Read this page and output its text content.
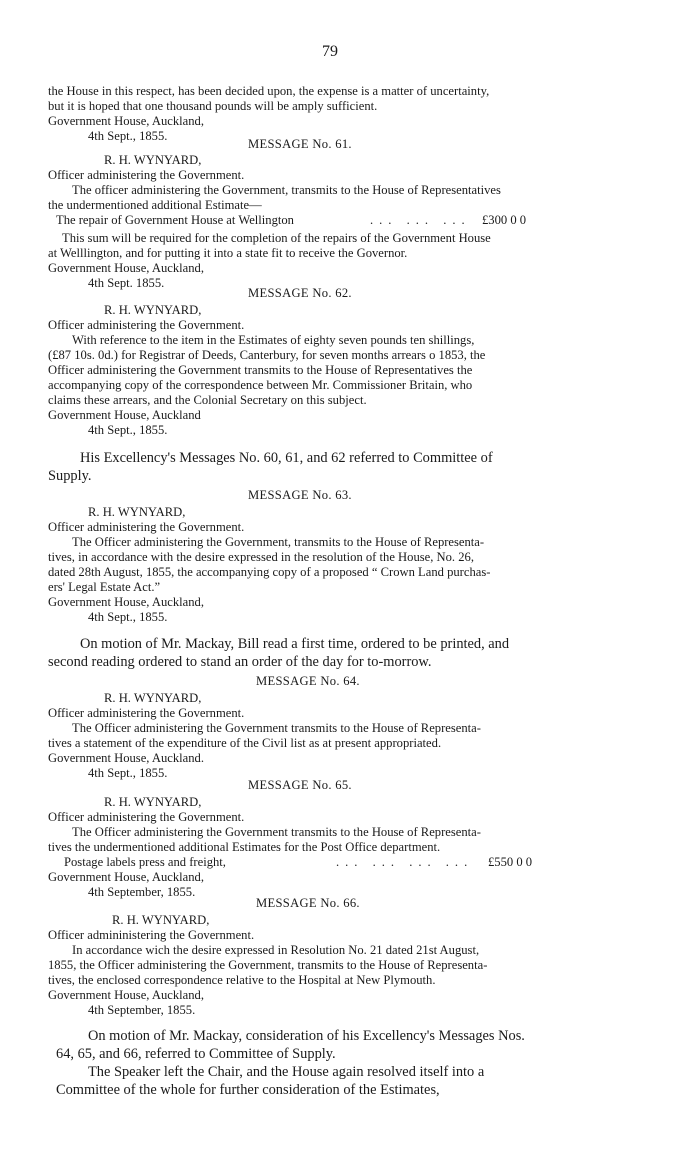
79
the House in this respect, has been decided upon, the expense is a matter of uncertainty,
but it is hoped that one thousand pounds will be amply sufficient.
Government House, Auckland,
4th Sept., 1855.
MESSAGE No. 61.
R. H. WYNYARD,
Officer administering the Government.
The officer administering the Government, transmits to the House of Representatives
the undermentioned additional Estimate—
The repair of Government House at Wellington	... ... ... £300 0 0
This sum will be required for the completion of the repairs of the Government House
at Welllington, and for putting it into a state fit to receive the Governor.
Government House, Auckland,
4th Sept. 1855.
MESSAGE No. 62.
R. H. WYNYARD,
Officer administering the Government.
With reference to the item in the Estimates of eighty seven pounds ten shillings,
(£87 10s. 0d.) for Registrar of Deeds, Canterbury, for seven months arrears o 1853, the
Officer administering the Government transmits to the House of Representatives the
accompanying copy of the correspondence between Mr. Commissioner Britain, who
claims these arrears, and the Colonial Secretary on this subject.
Government House, Auckland
4th Sept., 1855.
His Excellency's Messages No. 60, 61, and 62 referred to Committee of
Supply.
MESSAGE No. 63.
R. H. WYNYARD,
Officer administering the Government.
The Officer administering the Government, transmits to the House of Representa-
tives, in accordance with the desire expressed in the resolution of the House, No. 26,
dated 28th August, 1855, the accompanying copy of a proposed “ Crown Land purchas-
ers' Legal Estate Act.”
Government House, Auckland,
4th Sept., 1855.
On motion of Mr. Mackay, Bill read a first time, ordered to be printed, and
second reading ordered to stand an order of the day for to-morrow.
MESSAGE No. 64.
R. H. WYNYARD,
Officer administering the Government.
The Officer administering the Government transmits to the House of Representa-
tives a statement of the expenditure of the Civil list as at present appropriated.
Government House, Auckland.
4th Sept., 1855.
MESSAGE No. 65.
R. H. WYNYARD,
Officer administering the Government.
The Officer administering the Government transmits to the House of Representa-
tives the undermentioned additional Estimates for the Post Office department.
Postage labels press and freight,	... ... ... ... £550 0 0
Government House, Auckland,
4th September, 1855.
MESSAGE No. 66.
R. H. WYNYARD,
Officer admininistering the Government.
In accordance wich the desire expressed in Resolution No. 21 dated 21st August,
1855, the Officer administering the Government, transmits to the House of Representa-
tives, the enclosed correspondence relative to the Hospital at New Plymouth.
Government House, Auckland,
4th September, 1855.
On motion of Mr. Mackay, consideration of his Excellency's Messages Nos.
64, 65, and 66, referred to Committee of Supply.
The Speaker left the Chair, and the House again resolved itself into a
Committee of the whole for further consideration of the Estimates,
